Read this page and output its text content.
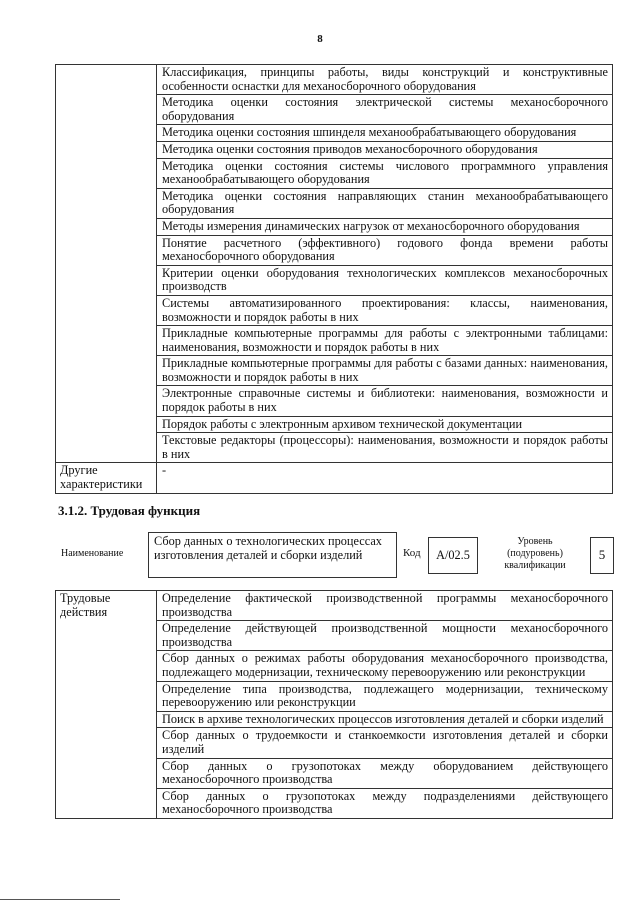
8
	Классификация, принципы работы, виды конструкций и конструктивные особенности оснастки для механосборочного оборудования
	Методика оценки состояния электрической системы механосборочного оборудования
	Методика оценки состояния шпинделя механообрабатывающего оборудования
	Методика оценки состояния приводов механосборочного оборудования
	Методика оценки состояния системы числового программного управления механообрабатывающего оборудования
	Методика оценки состояния направляющих станин механообрабатывающего оборудования
	Методы измерения динамических нагрузок от механосборочного оборудования
	Понятие расчетного (эффективного) годового фонда времени работы механосборочного оборудования
	Критерии оценки оборудования технологических комплексов механосборочных производств
	Системы автоматизированного проектирования: классы, наименования, возможности и порядок работы в них
	Прикладные компьютерные программы для работы с электронными таблицами: наименования, возможности и порядок работы в них
	Прикладные компьютерные программы для работы с базами данных: наименования, возможности и порядок работы в них
	Электронные справочные системы и библиотеки: наименования, возможности и порядок работы в них
	Порядок работы с электронным архивом технической документации
	Текстовые редакторы (процессоры): наименования, возможности и порядок работы в них
Другие характеристики	-
3.1.2. Трудовая функция
Наименование
Сбор данных о технологических процессах изготовления деталей и сборки изделий	Код	А/02.5
Уровень (подуровень) квалификации
5
Трудовые действия	Определение фактической производственной программы механосборочного производства
Определение действующей производственной мощности механосборочного производства
Сбор данных о режимах работы оборудования механосборочного производства, подлежащего модернизации, техническому перевооружению или реконструкции
Определение типа производства, подлежащего модернизации, техническому перевооружению или реконструкции
Поиск в архиве технологических процессов изготовления деталей и сборки изделий
Сбор данных о трудоемкости и станкоемкости изготовления деталей и сборки изделий
Сбор данных о грузопотоках между оборудованием действующего механосборочного производства
Сбор данных о грузопотоках между подразделениями действующего механосборочного производства
